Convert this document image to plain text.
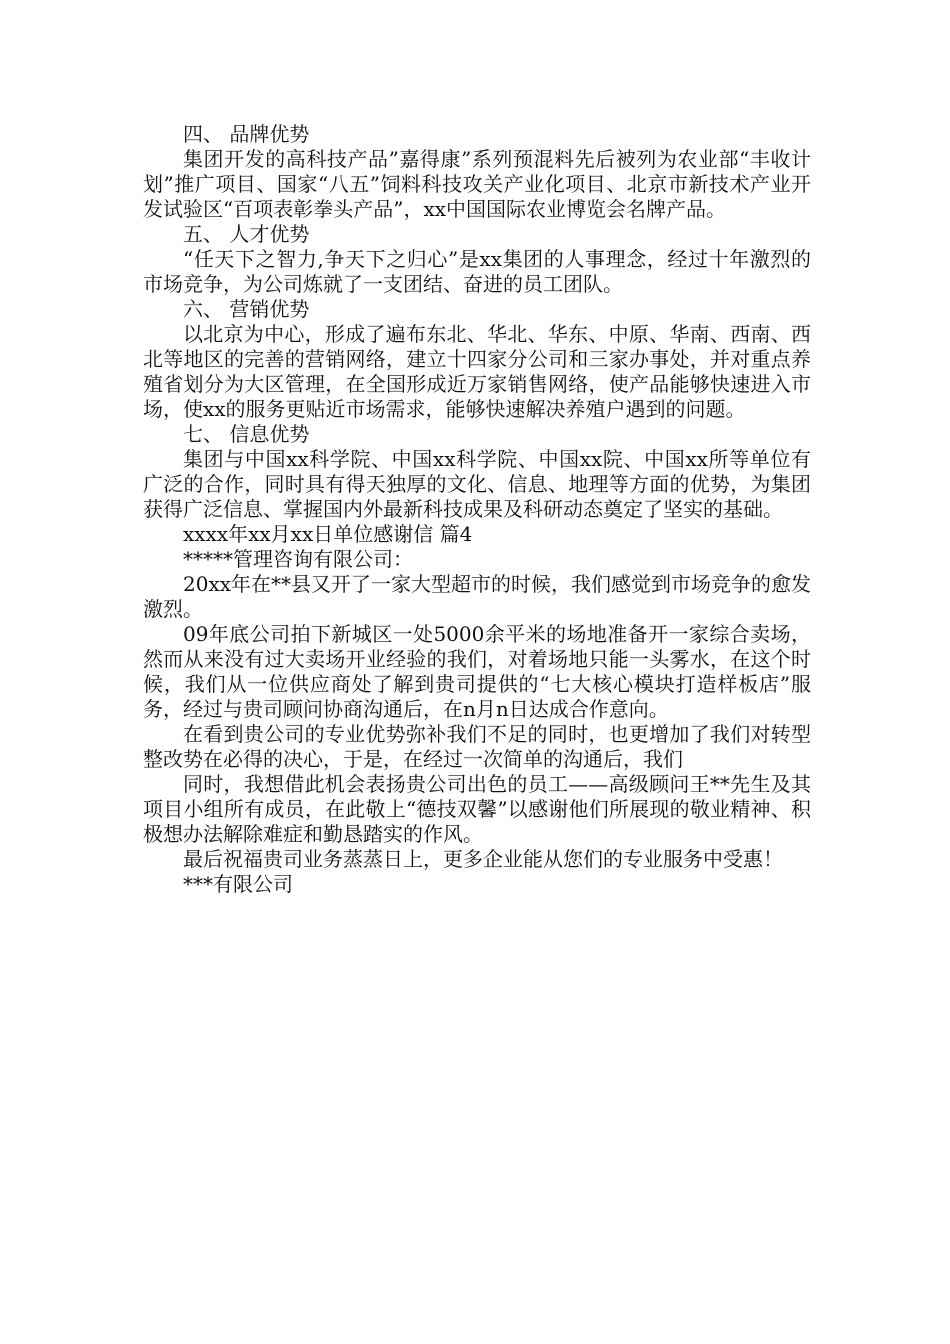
四、 品牌优势

集团开发的高科技产品”嘉得康”系列预混料先后被列为农业部“丰收计划”推广项目、国家“八五”饲料科技攻关产业化项目、北京市新技术产业开发试验区“百项表彰拳头产品”，xx中国国际农业博览会名牌产品。

五、 人才优势

“任天下之智力,争天下之归心”是xx集团的人事理念，经过十年激烈的市场竞争，为公司炼就了一支团结、奋进的员工团队。

六、 营销优势

以北京为中心，形成了遍布东北、华北、华东、中原、华南、西南、西北等地区的完善的营销网络，建立十四家分公司和三家办事处，并对重点养殖省划分为大区管理，在全国形成近万家销售网络，使产品能够快速进入市场，使xx的服务更贴近市场需求，能够快速解决养殖户遇到的问题。

七、 信息优势

集团与中国xx科学院、中国xx科学院、中国xx院、中国xx所等单位有广泛的合作，同时具有得天独厚的文化、信息、地理等方面的优势，为集团获得广泛信息、掌握国内外最新科技成果及科研动态奠定了坚实的基础。

xxxx年xx月xx日单位感谢信 篇4

*****管理咨询有限公司：

20xx年在**县又开了一家大型超市的时候，我们感觉到市场竞争的愈发激烈。

09年底公司拍下新城区一处5000余平米的场地准备开一家综合卖场，然而从来没有过大卖场开业经验的我们，对着场地只能一头雾水，在这个时候，我们从一位供应商处了解到贵司提供的“七大核心模块打造样板店”服务，经过与贵司顾问协商沟通后，在n月n日达成合作意向。

在看到贵公司的专业优势弥补我们不足的同时，也更增加了我们对转型整改势在必得的决心，于是，在经过一次简单的沟通后，我们

同时，我想借此机会表扬贵公司出色的员工——高级顾问王**先生及其项目小组所有成员，在此敬上“德技双馨”以感谢他们所展现的敬业精神、积极想办法解除难症和勤恳踏实的作风。

最后祝福贵司业务蒸蒸日上，更多企业能从您们的专业服务中受惠！

***有限公司
